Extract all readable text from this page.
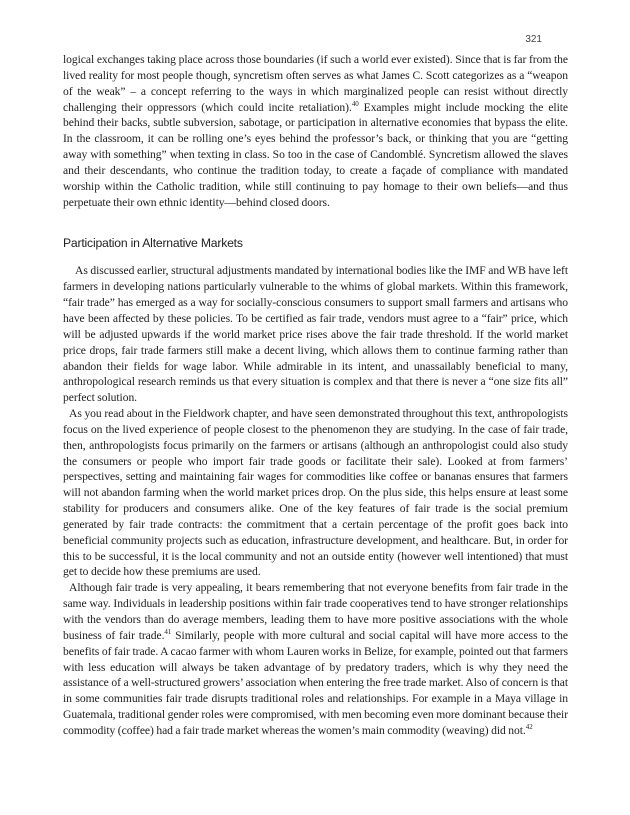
321

logical exchanges taking place across those boundaries (if such a world ever existed). Since that is far from the lived reality for most people though, syncretism often serves as what James C. Scott categorizes as a “weapon of the weak” – a concept referring to the ways in which marginalized people can resist without directly challenging their oppressors (which could incite retaliation).$^{40}$ Examples might include mocking the elite behind their backs, subtle subversion, sabotage, or participation in alternative economies that bypass the elite. In the classroom, it can be rolling one’s eyes behind the professor’s back, or thinking that you are “getting away with something” when texting in class. So too in the case of Candomblé. Syncretism allowed the slaves and their descendants, who continue the tradition today, to create a façade of compliance with mandated worship within the Catholic tradition, while still continuing to pay homage to their own beliefs—and thus perpetuate their own ethnic identity—behind closed doors.

Participation in Alternative Markets

As discussed earlier, structural adjustments mandated by international bodies like the IMF and WB have left farmers in developing nations particularly vulnerable to the whims of global markets. Within this framework, “fair trade” has emerged as a way for socially-conscious consumers to support small farmers and artisans who have been affected by these policies. To be certified as fair trade, vendors must agree to a “fair” price, which will be adjusted upwards if the world market price rises above the fair trade threshold. If the world market price drops, fair trade farmers still make a decent living, which allows them to continue farming rather than abandon their fields for wage labor. While admirable in its intent, and unassailably beneficial to many, anthropological research reminds us that every situation is complex and that there is never a “one size fits all” perfect solution.

As you read about in the Fieldwork chapter, and have seen demonstrated throughout this text, anthropologists focus on the lived experience of people closest to the phenomenon they are studying. In the case of fair trade, then, anthropologists focus primarily on the farmers or artisans (although an anthropologist could also study the consumers or people who import fair trade goods or facilitate their sale). Looked at from farmers’ perspectives, setting and maintaining fair wages for commodities like coffee or bananas ensures that farmers will not abandon farming when the world market prices drop. On the plus side, this helps ensure at least some stability for producers and consumers alike. One of the key features of fair trade is the social premium generated by fair trade contracts: the commitment that a certain percentage of the profit goes back into beneficial community projects such as education, infrastructure development, and healthcare. But, in order for this to be successful, it is the local community and not an outside entity (however well intentioned) that must get to decide how these premiums are used.

Although fair trade is very appealing, it bears remembering that not everyone benefits from fair trade in the same way. Individuals in leadership positions within fair trade cooperatives tend to have stronger relationships with the vendors than do average members, leading them to have more positive associations with the whole business of fair trade.$^{41}$ Similarly, people with more cultural and social capital will have more access to the benefits of fair trade. A cacao farmer with whom Lauren works in Belize, for example, pointed out that farmers with less education will always be taken advantage of by predatory traders, which is why they need the assistance of a well-structured growers’ association when entering the free trade market. Also of concern is that in some communities fair trade disrupts traditional roles and relationships. For example in a Maya village in Guatemala, traditional gender roles were compromised, with men becoming even more dominant because their commodity (coffee) had a fair trade market whereas the women’s main commodity (weaving) did not.$^{42}$
